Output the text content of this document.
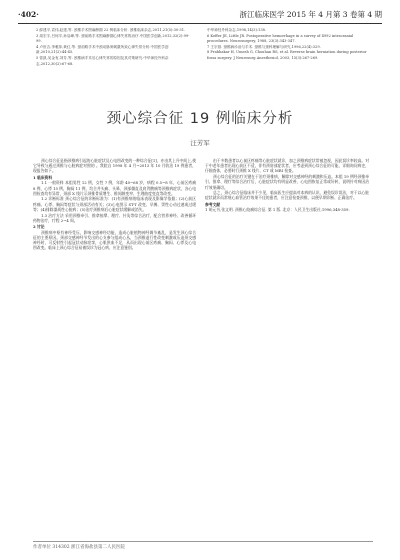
·402·	浙江临床医学 2015 年 4 月第 3 卷第 4 期

2 薛建平,袁伟,赵建,等. 颈椎手术围麻醉期 22 例临床分析. 颈椎临床杂志,2011,21(5):30-31.

3 周宏宇,吕何平,孙启峰,等. 颈前路手术围麻醉期心律失常的治疗.中国医学创新,2012,32(2):99-99.

4 卢世吉,李雅萍,黄红,等. 颈前路手术中颈动脉窦刺激所致心律失常分析.中国医学创新,2010,21(2):44-45.

5 曾凯,吴金有,刘芳,等. 颈椎病手术后心律失常的原因及其对策研究.中华神经外科杂志,2012,30(2):67-68.

中华神经外科杂志,1998,14(3):138.

6 Keffer JE, Little JR. Postoperative hemorrhage in a survey of 4992 intracranial procedures. Neurosurgery, 1988, 23(3):343-347.

7 王宗基. 颈椎病诊治与手术. 颈椎与颈科理解与研究,1996,22(4):329.

8 Prabhakar H, Umesh G, Chouhan RS, et al. Reverse brain herniation during posterior fossa surgery. J Neurosurg Anesthesiol, 2003, 15(3):267-269.

颈心综合征 19 例临床分析
汪芳军

颈心综合征是指颈椎病引起的心脏症状及心电图改变的一种综合征[1]，亦由其上升中间上,使它导致与通过颈椎与心脏病症对照的 。我院自 1998 年 4 月~2013 年 10 月收治 19 例患者，现报告如下。

1 临床资料

1.1 一般资料 本组男性 12 例，女性 7 例，年龄 40~68 岁，病程 0.5~8 年，心前区疼痛 8 例，心悸 15 例，胸闷 11 例，均合并头痛、头晕、颈部僵直及肩背酸痛等颈椎病症状，各心电图检查均有异常，颈部 X 线片示颈椎骨质增生、椎间隙变窄、生理曲度变直等改变。

1.2 诊断标准 颈心综合征的诊断标准为：(1)有颈椎病的临床表现及影像学依据；(2)心前区疼痛、心悸、胸闷等症状与颈部活动有关；(3)心电图示 ST-T 改变、早搏、窦性心动过速或过缓等；(4)排除器质性心脏病；(5)治疗颈椎病后心脏症状缓解或消失。

1.3 治疗方法 采用颈椎牵引、推拿按摩、理疗、针灸等综合治疗，配合营养神经、改善循环药物治疗，疗程 2~4 周。

2 讨论

颈椎病中枢有神经受压，影响交感神经功能，造成心脏植物神经调节紊乱，是发生颈心综合征的主要原因。颈部交感神经节发出的心支参与组成心丛，当颈椎退行性改变刺激或压迫颈交感神经时，可反射性引起冠状动脉痉挛，心肌供血不足，从而出现心前区疼痛、胸闷、心悸及心电图改变。临床上颈心综合征易被误诊为冠心病，应注意鉴别。

由于多数患者以心前区疼痛等心脏症状就诊，加之颈椎病症状常被忽视，因此误诊率较高。对于中老年患者出现心前区不适，伴有颈肩部症状者，应考虑到颈心综合征的可能，详细询问病史，仔细查体，必要时行颈椎 X 线片、CT 或 MRI 检查。

颈心综合征的治疗关键在于治疗颈椎病，解除对交感神经的刺激和压迫。本组 19 例经颈椎牵引、推拿、理疗等综合治疗后，心脏症状均有明显改善，心电图恢复正常或好转，说明针对病因治疗效果确切。

总之，颈心综合征临床并不少见，临床医生应提高对本病的认识，避免误诊误治，对于以心脏症状就诊而常规心血管治疗效果不佳的患者，应注意检查颈椎，以便早期诊断、正确治疗。

参考文献

1 胡元书,张文明. 颈椎心绞痛综合征. 第 1 版. 北京：人民卫生出版社,1996,348-359.

作者单位 314302 浙江省海盐县第二人民医院
